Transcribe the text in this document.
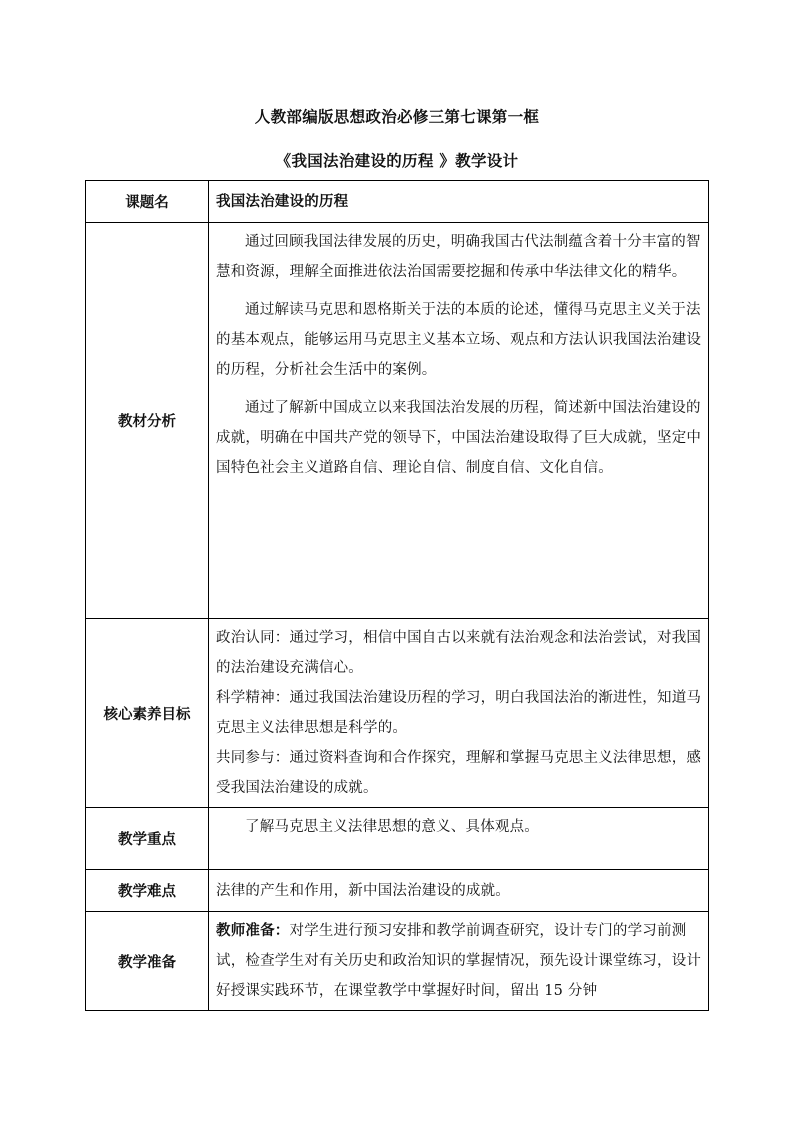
人教部编版思想政治必修三第七课第一框
《我国法治建设的历程 》教学设计
课题名	我国法治建设的历程
教材分析	通过回顾我国法律发展的历史，明确我国古代法制蕴含着十分丰富的智慧和资源，理解全面推进依法治国需要挖掘和传承中华法律文化的精华。

通过解读马克思和恩格斯关于法的本质的论述，懂得马克思主义关于法的基本观点，能够运用马克思主义基本立场、观点和方法认识我国法治建设的历程，分析社会生活中的案例。

通过了解新中国成立以来我国法治发展的历程，简述新中国法治建设的成就，明确在中国共产党的领导下，中国法治建设取得了巨大成就，坚定中国特色社会主义道路自信、理论自信、制度自信、文化自信。

核心素养目标	政治认同：通过学习，相信中国自古以来就有法治观念和法治尝试，对我国的法治建设充满信心。

科学精神：通过我国法治建设历程的学习，明白我国法治的渐进性，知道马克思主义法律思想是科学的。

共同参与：通过资料查询和合作探究，理解和掌握马克思主义法律思想，感受我国法治建设的成就。

教学重点	了解马克思主义法律思想的意义、具体观点。

教学难点	法律的产生和作用，新中国法治建设的成就。
教学准备	教师准备：对学生进行预习安排和教学前调查研究，设计专门的学习前测试，检查学生对有关历史和政治知识的掌握情况，预先设计课堂练习，设计好授课实践环节，在课堂教学中掌握好时间，留出 15 分钟
